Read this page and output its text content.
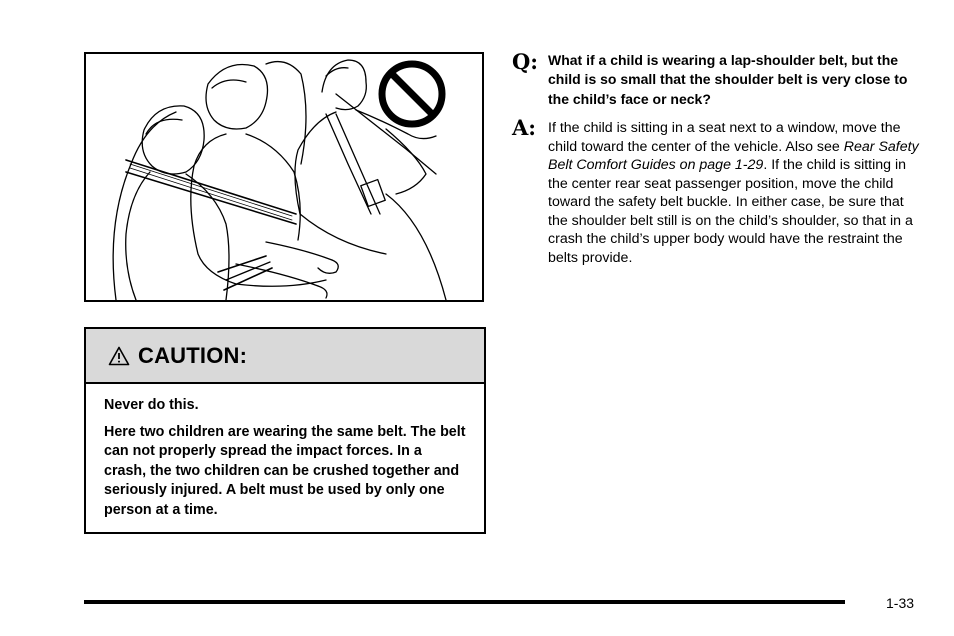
CAUTION:

Never do this.

Here two children are wearing the same belt. The belt can not properly spread the impact forces. In a crash, the two children can be crushed together and seriously injured. A belt must be used by only one person at a time.

Q: What if a child is wearing a lap-shoulder belt, but the child is so small that the shoulder belt is very close to the child’s face or neck?
A: If the child is sitting in a seat next to a window, move the child toward the center of the vehicle. Also see Rear Safety Belt Comfort Guides on page 1-29. If the child is sitting in the center rear seat passenger position, move the child toward the safety belt buckle. In either case, be sure that the shoulder belt still is on the child’s shoulder, so that in a crash the child’s upper body would have the restraint the belts provide.
1-33
